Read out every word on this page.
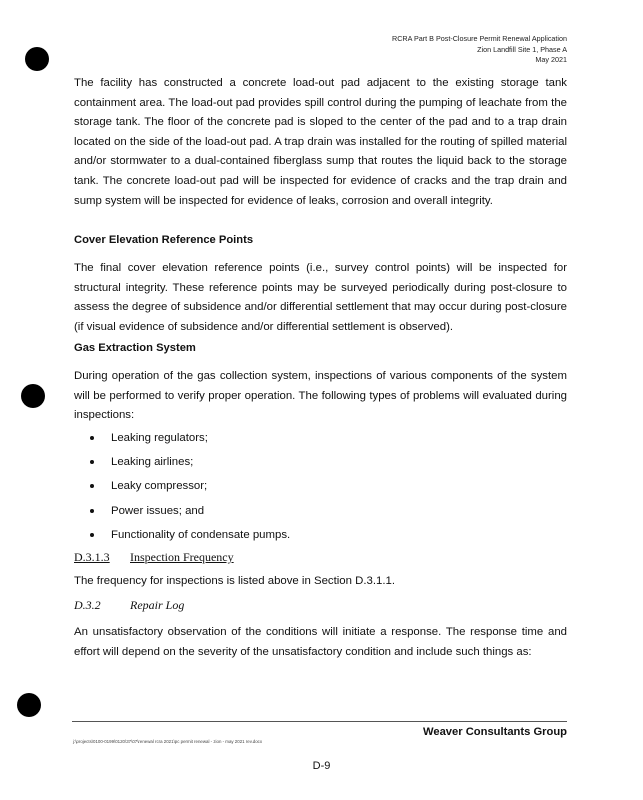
RCRA Part B Post-Closure Permit Renewal Application
Zion Landfill Site 1, Phase A
May 2021

The facility has constructed a concrete load-out pad adjacent to the existing storage tank containment area. The load-out pad provides spill control during the pumping of leachate from the storage tank. The floor of the concrete pad is sloped to the center of the pad and to a trap drain located on the side of the load-out pad. A trap drain was installed for the routing of spilled material and/or stormwater to a dual-contained fiberglass sump that routes the liquid back to the storage tank. The concrete load-out pad will be inspected for evidence of cracks and the trap drain and sump system will be inspected for evidence of leaks, corrosion and overall integrity.

Cover Elevation Reference Points

The final cover elevation reference points (i.e., survey control points) will be inspected for structural integrity. These reference points may be surveyed periodically during post-closure to assess the degree of subsidence and/or differential settlement that may occur during post-closure (if visual evidence of subsidence and/or differential settlement is observed).

Gas Extraction System

During operation of the gas collection system, inspections of various components of the system will be performed to verify proper operation. The following types of problems will evaluated during inspections:

Leaking regulators;
Leaking airlines;
Leaky compressor;
Power issues; and
Functionality of condensate pumps.
D.3.1.3 Inspection Frequency

The frequency for inspections is listed above in Section D.3.1.1.

D.3.2 Repair Log

An unsatisfactory observation of the conditions will initiate a response. The response time and effort will depend on the severity of the unsatisfactory condition and include such things as:

Weaver Consultants Group
j:\projects\0100-0199\0120\37\07\renewal rcra 2021\pc permit renewal - zion - may 2021 rev.docx
D-9
